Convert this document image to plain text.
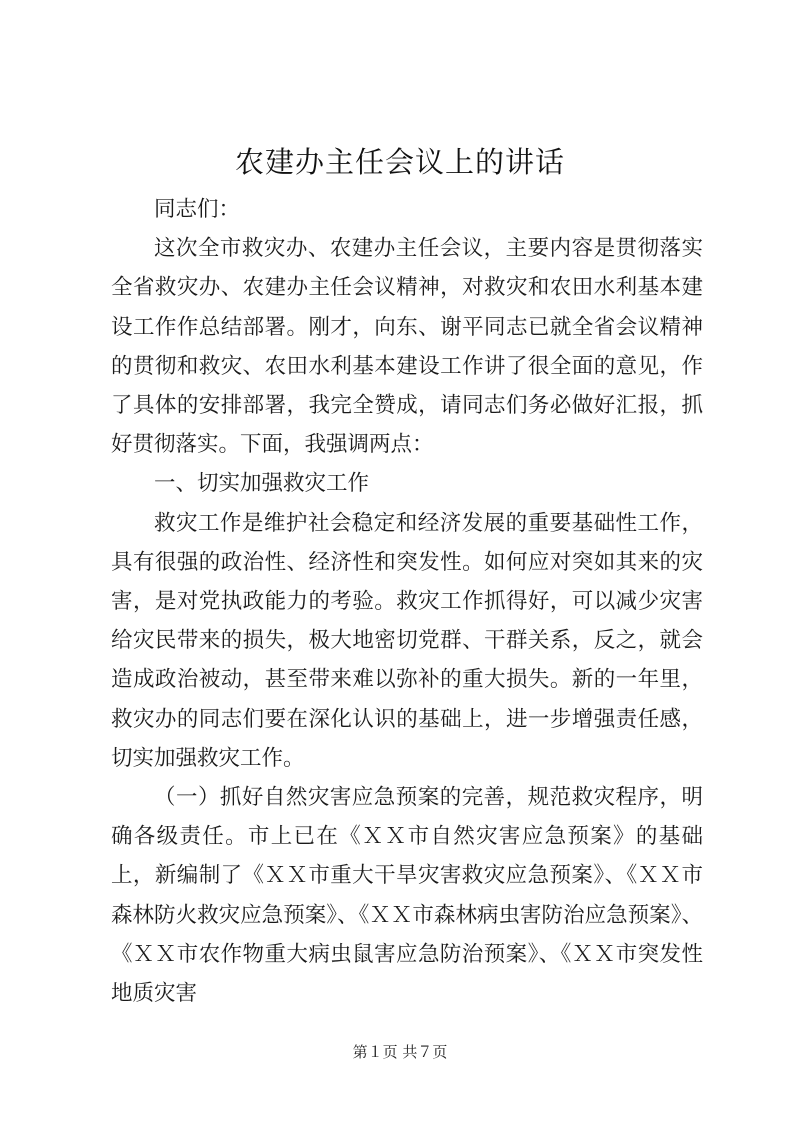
农建办主任会议上的讲话

同志们：

这次全市救灾办、农建办主任会议，主要内容是贯彻落实全省救灾办、农建办主任会议精神，对救灾和农田水利基本建设工作作总结部署。刚才，向东、谢平同志已就全省会议精神的贯彻和救灾、农田水利基本建设工作讲了很全面的意见，作了具体的安排部署，我完全赞成，请同志们务必做好汇报，抓好贯彻落实。下面，我强调两点：

一、切实加强救灾工作

救灾工作是维护社会稳定和经济发展的重要基础性工作，具有很强的政治性、经济性和突发性。如何应对突如其来的灾害，是对党执政能力的考验。救灾工作抓得好，可以减少灾害给灾民带来的损失，极大地密切党群、干群关系，反之，就会造成政治被动，甚至带来难以弥补的重大损失。新的一年里，救灾办的同志们要在深化认识的基础上，进一步增强责任感，切实加强救灾工作。

（一）抓好自然灾害应急预案的完善，规范救灾程序，明确各级责任。市上已在《ＸＸ市自然灾害应急预案》的基础上，新编制了《ＸＸ市重大干旱灾害救灾应急预案》、《ＸＸ市森林防火救灾应急预案》、《ＸＸ市森林病虫害防治应急预案》、《ＸＸ市农作物重大病虫鼠害应急防治预案》、《ＸＸ市突发性地质灾害

第１页 共７页
